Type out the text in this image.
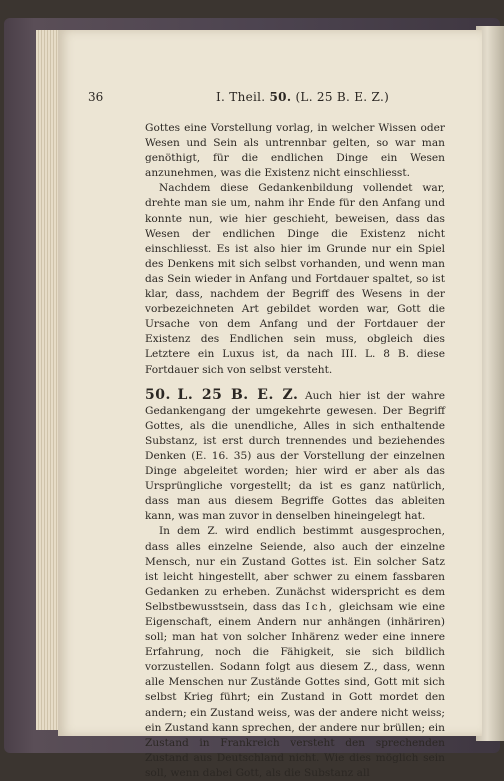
36	I. Theil. 50. (L. 25 B. E. Z.)

Gottes eine Vorstellung vorlag, in welcher Wissen oder Wesen und Sein als untrennbar gelten, so war man genöthigt, für die endlichen Dinge ein Wesen anzunehmen, was die Existenz nicht einschliesst.

Nachdem diese Gedankenbildung vollendet war, drehte man sie um, nahm ihr Ende für den Anfang und konnte nun, wie hier geschieht, beweisen, dass das Wesen der endlichen Dinge die Existenz nicht einschliesst. Es ist also hier im Grunde nur ein Spiel des Denkens mit sich selbst vorhanden, und wenn man das Sein wieder in Anfang und Fortdauer spaltet, so ist klar, dass, nachdem der Begriff des Wesens in der vorbezeichneten Art gebildet worden war, Gott die Ursache von dem Anfang und der Fortdauer der Existenz des Endlichen sein muss, obgleich dies Letztere ein Luxus ist, da nach III. L. 8 B. diese Fortdauer sich von selbst versteht.

50. L. 25 B. E. Z. Auch hier ist der wahre Gedankengang der umgekehrte gewesen. Der Begriff Gottes, als die unendliche, Alles in sich enthaltende Substanz, ist erst durch trennendes und beziehendes Denken (E. 16. 35) aus der Vorstellung der einzelnen Dinge abgeleitet worden; hier wird er aber als das Ursprüngliche vorgestellt; da ist es ganz natürlich, dass man aus diesem Begriffe Gottes das ableiten kann, was man zuvor in denselben hineingelegt hat.

In dem Z. wird endlich bestimmt ausgesprochen, dass alles einzelne Seiende, also auch der einzelne Mensch, nur ein Zustand Gottes ist. Ein solcher Satz ist leicht hingestellt, aber schwer zu einem fassbaren Gedanken zu erheben. Zunächst widerspricht es dem Selbstbewusstsein, dass das Ich, gleichsam wie eine Eigenschaft, einem Andern nur anhängen (inhäriren) soll; man hat von solcher Inhärenz weder eine innere Erfahrung, noch die Fähigkeit, sie sich bildlich vorzustellen. Sodann folgt aus diesem Z., dass, wenn alle Menschen nur Zustände Gottes sind, Gott mit sich selbst Krieg führt; ein Zustand in Gott mordet den andern; ein Zustand weiss, was der andere nicht weiss; ein Zustand kann sprechen, der andere nur brüllen; ein Zustand in Frankreich versteht den sprechenden Zustand aus Deutschland nicht. Wie dies möglich sein soll, wenn dabei Gott, als die Substanz all
